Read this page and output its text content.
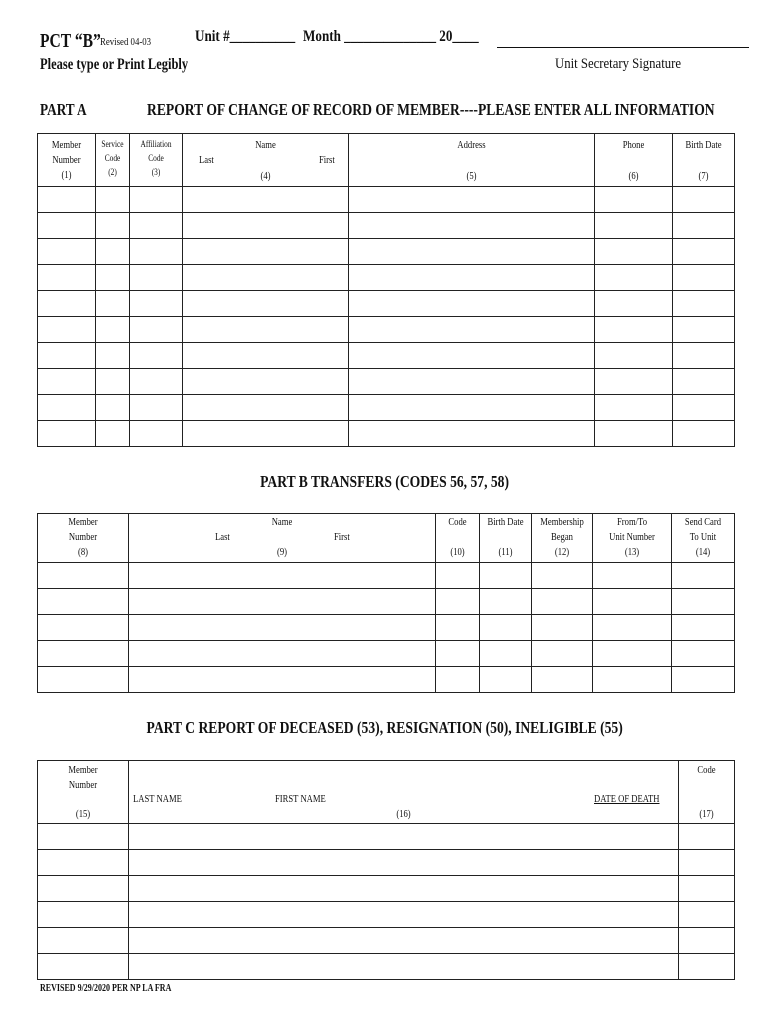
PCT “B” Revised 04-03	Unit #__________ Month ______________ 20____
Please type or Print Legibly	Unit Secretary Signature
PART A	REPORT OF CHANGE OF RECORD OF MEMBER----PLEASE ENTER ALL INFORMATION
Member
Number
(1)	Service
Code
(2)	Affiliation
Code
(3)	Name
Last First
(4)	Address
(5)	Phone
(6)	Birth Date
(7)

PART B TRANSFERS (CODES 56, 57, 58)
Member
Number
(8)	Name
Last First
(9)	Code
(10)	Birth Date
(11)	Membership
Began
(12)	From/To
Unit Number
(13)	Send Card
To Unit
(14)

PART C REPORT OF DECEASED (53), RESIGNATION (50), INELIGIBLE (55)
Member
Number
(15)	LAST NAME FIRST NAME DATE OF DEATH
(16)	Code
(17)

REVISED 9/29/2020 PER NP LA FRA
